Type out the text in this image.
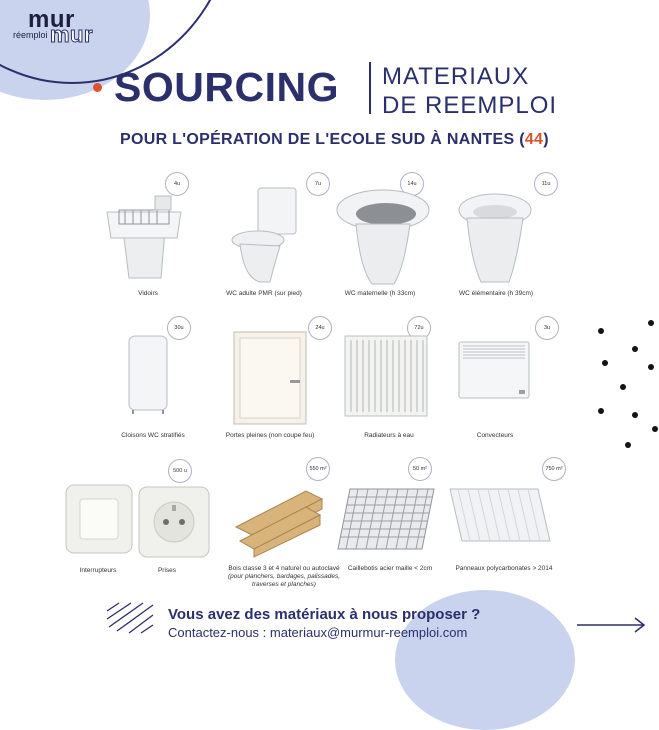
mur
réemploi mur
SOURCING MATERIAUX
DE REEMPLOI
POUR L'OPÉRATION DE L'ECOLE SUD À NANTES (44)
4u
Vidoirs
7u
WC adulte PMR (sur pied)
14u
WC maternelle (h 33cm)
11u
WC élémentaire (h 39cm)
30u
Cloisons WC stratifiés
24u
Portes pleines (non coupe feu)
72u
Radiateurs à eau
3u
Convecteurs
500 u
Interrupteurs	Prises
550 m²
Bois classe 3 et 4 naturel ou autoclavé (pour planchers, bardages, palissades, traverses et planches)
50 m²
Caillebotis acier maille < 2cm
750 m²
Panneaux polycarbonates > 2014
Vous avez des matériaux à nous proposer ?
Contactez-nous : materiaux@murmur-reemploi.com
